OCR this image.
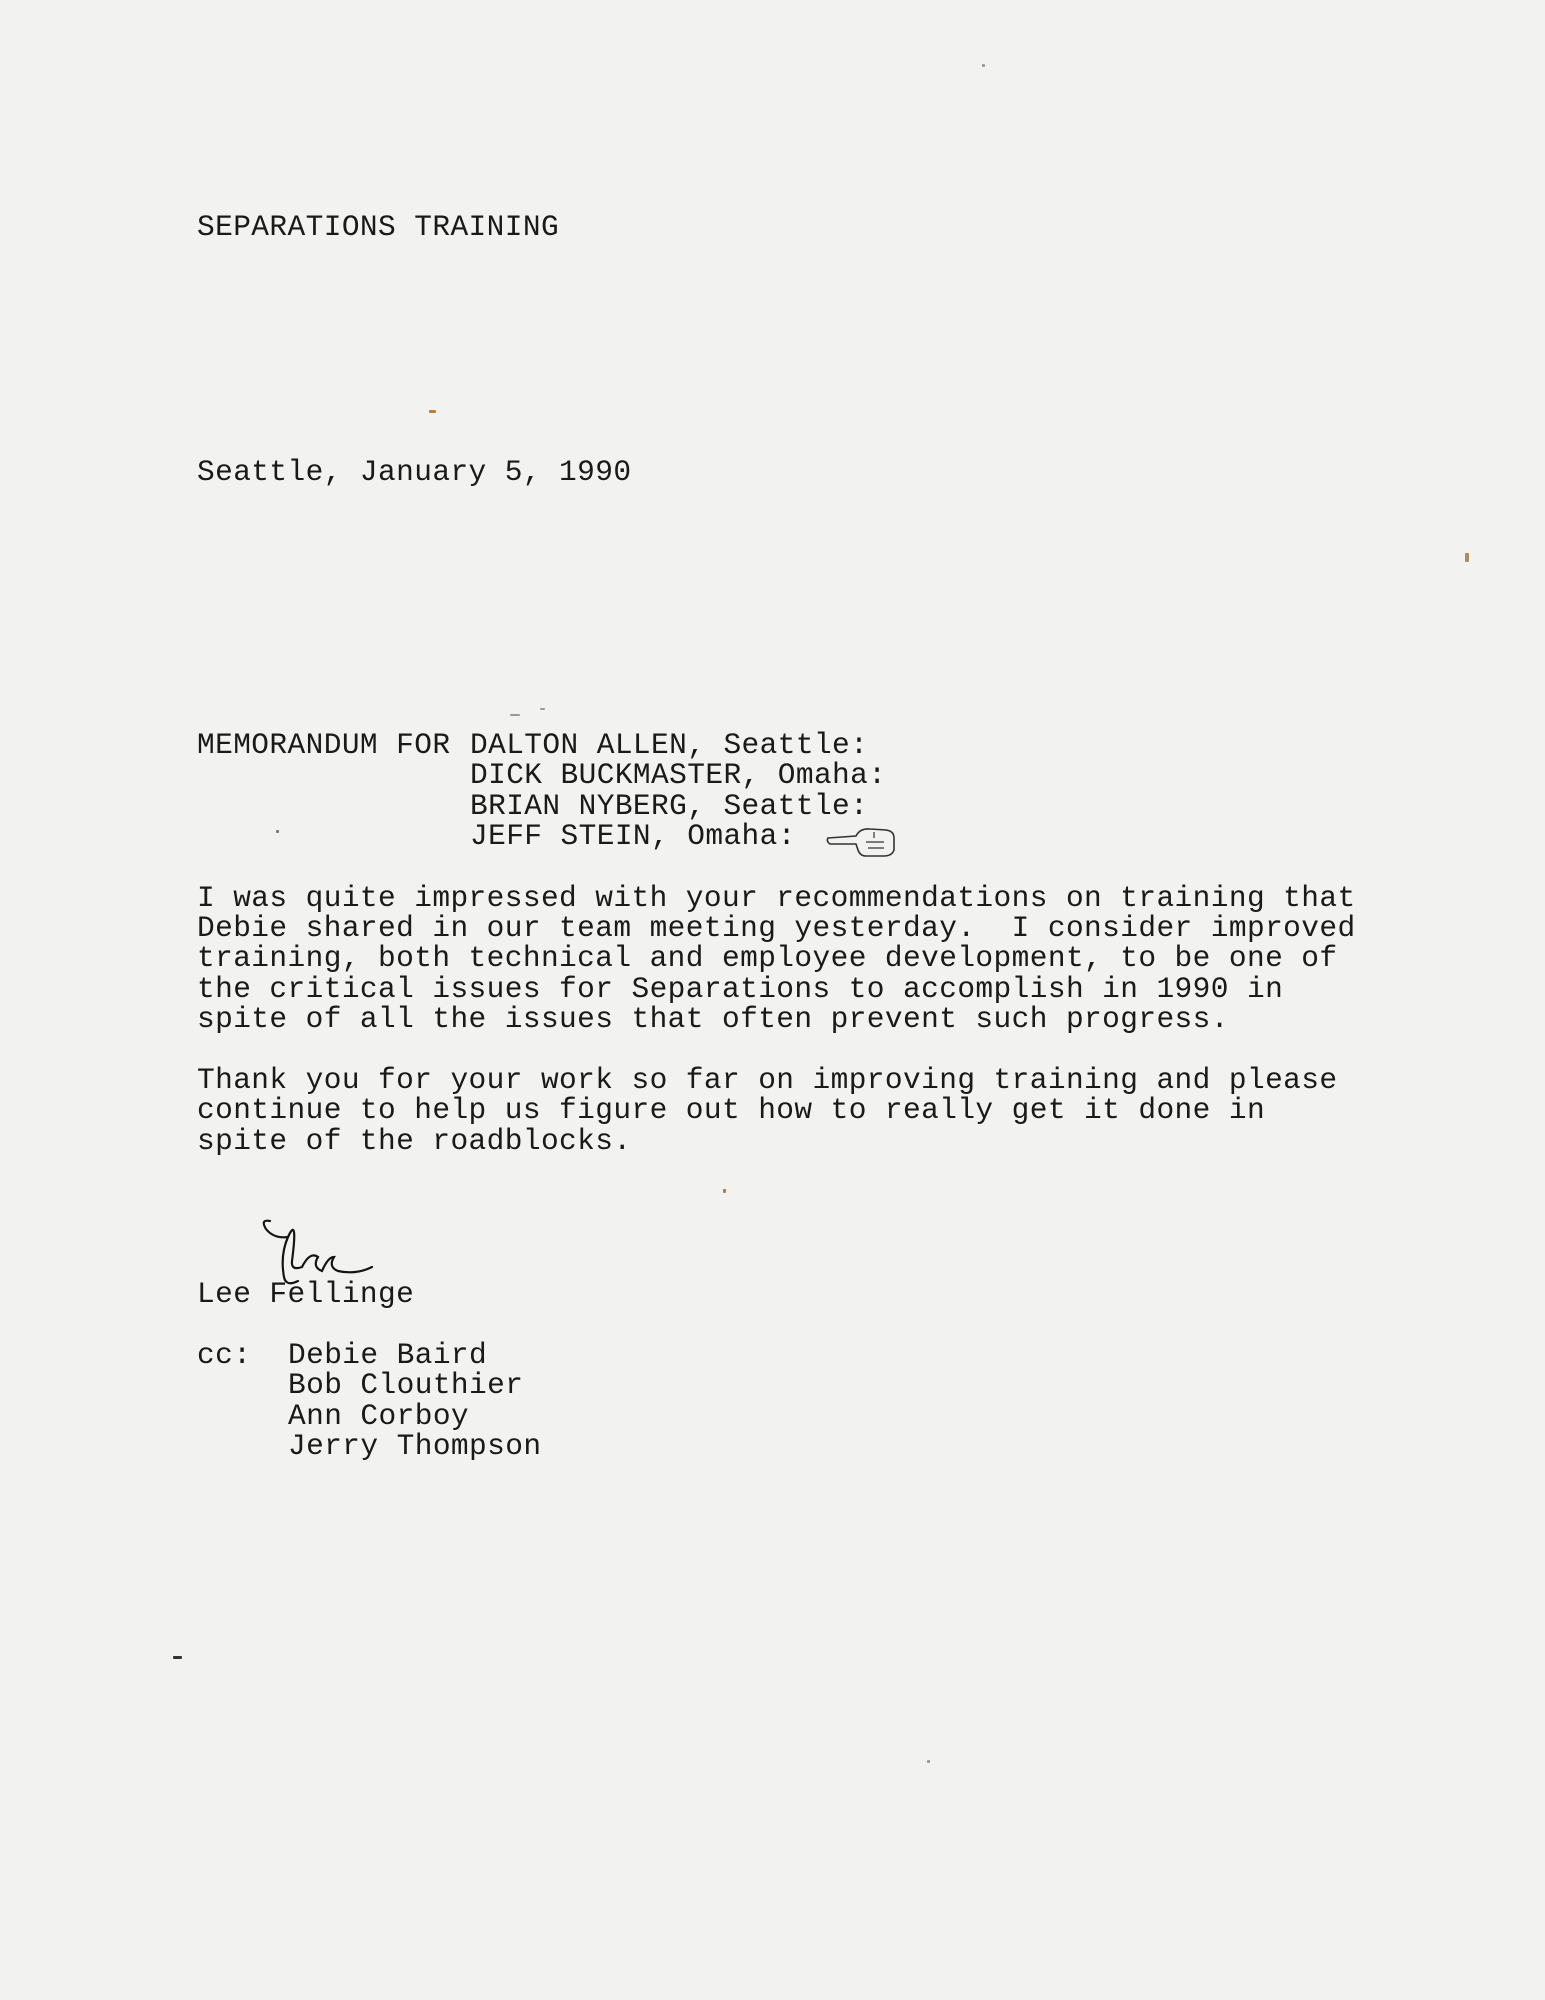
SEPARATIONS TRAINING
Seattle, January 5, 1990
MEMORANDUM FOR DALTON ALLEN, Seattle:
DICK BUCKMASTER, Omaha:
BRIAN NYBERG, Seattle:
JEFF STEIN, Omaha:
I was quite impressed with your recommendations on training that
Debie shared in our team meeting yesterday.  I consider improved
training, both technical and employee development, to be one of
the critical issues for Separations to accomplish in 1990 in
spite of all the issues that often prevent such progress.
Thank you for your work so far on improving training and please
continue to help us figure out how to really get it done in
spite of the roadblocks.
Lee Fellinge
cc: Debie Baird
Bob Clouthier
Ann Corboy
Jerry Thompson
